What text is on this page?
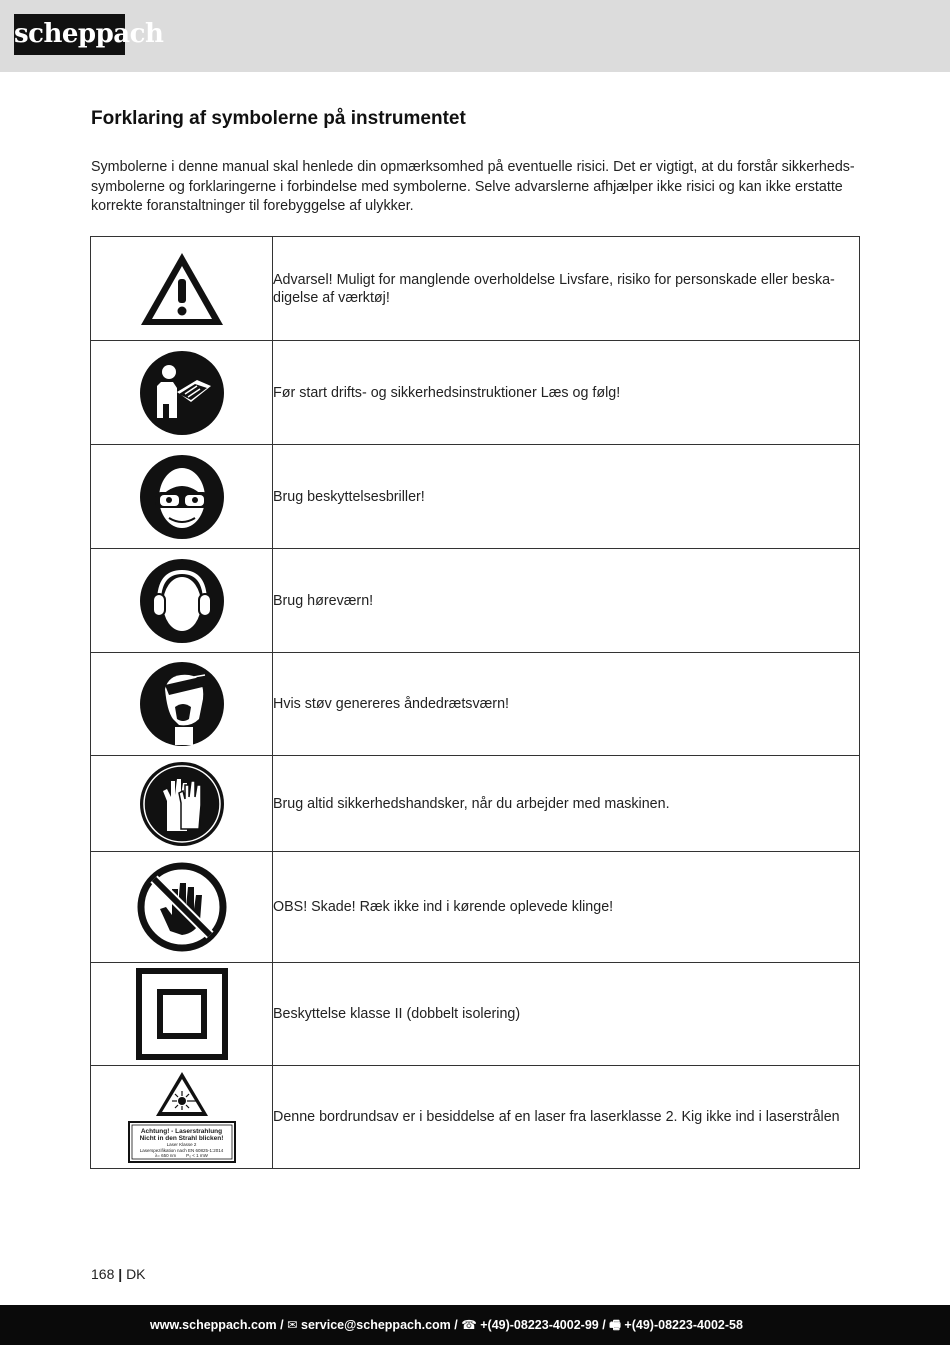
scheppach
Forklaring af symbolerne på instrumentet

Symbolerne i denne manual skal henlede din opmærksomhed på eventuelle risici. Det er vigtigt, at du forstår sikkerheds-symbolerne og forklaringerne i forbindelse med symbolerne. Selve advarslerne afhjælper ikke risici og kan ikke erstatte korrekte foranstaltninger til forebyggelse af ulykker.

	Advarsel! Muligt for manglende overholdelse Livsfare, risiko for personskade eller beska-digelse af værktøj!

	Før start drifts- og sikkerhedsinstruktioner Læs og følg!

	Brug beskyttelsesbriller!

	Brug høreværn!

	Hvis støv genereres åndedrætsværn!

	Brug altid sikkerhedshandsker, når du arbejder med maskinen.

	OBS! Skade! Ræk ikke ind i kørende oplevede klinge!

	Beskyttelse klasse II (dobbelt isolering)

Achtung! - Laserstrahlung
Nicht in den Strahl blicken!
Laser Klasse 2
Laserspezifikation nach EN 60825-1:2014
λ= 650 nm        P₀ < 1 mW	Denne bordrundsav er i besiddelse af en laser fra laserklasse 2. Kig ikke ind i laserstrålen
168 | DK
www.scheppach.com / ✉ service@scheppach.com / ☎ +(49)-08223-4002-99 / 🖷 +(49)-08223-4002-58
